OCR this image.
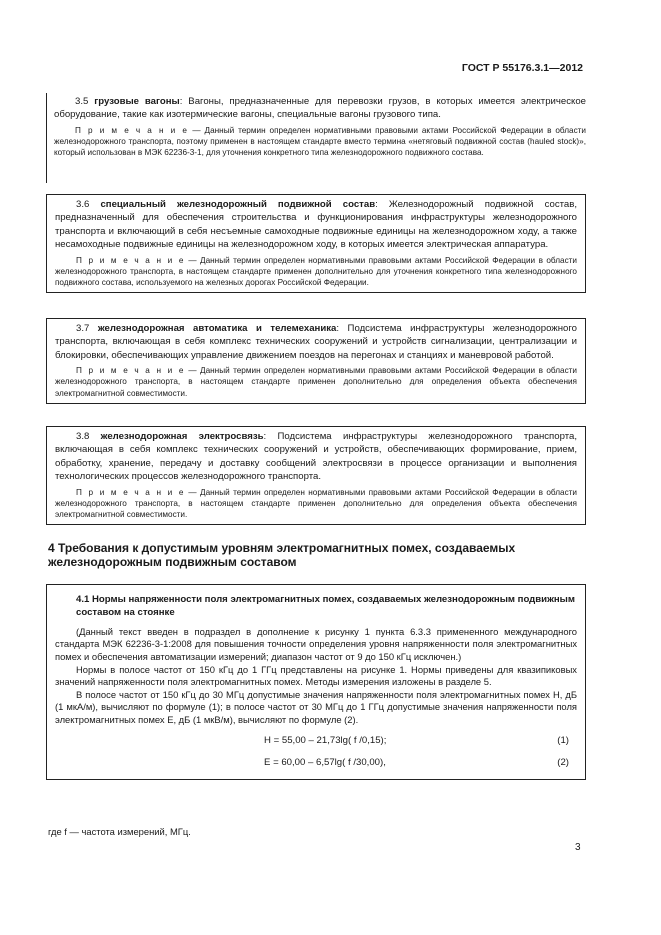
ГОСТ Р 55176.3.1—2012

3.5 грузовые вагоны: Вагоны, предназначенные для перевозки грузов, в которых имеется электрическое оборудование, такие как изотермические вагоны, специальные вагоны грузового типа.

П р и м е ч а н и е — Данный термин определен нормативными правовыми актами Российской Федерации в области железнодорожного транспорта, поэтому применен в настоящем стандарте вместо термина «нетяговый подвижной состав (hauled stock)», который использован в МЭК 62236-3-1, для уточнения конкретного типа железнодорожного подвижного состава.

3.6 специальный железнодорожный подвижной состав: Железнодорожный подвижной состав, предназначенный для обеспечения строительства и функционирования инфраструктуры железнодорожного транспорта и включающий в себя несъемные самоходные подвижные единицы на железнодорожном ходу, а также несамоходные подвижные единицы на железнодорожном ходу, в которых имеется электрическая аппаратура.

П р и м е ч а н и е — Данный термин определен нормативными правовыми актами Российской Федерации в области железнодорожного транспорта, в настоящем стандарте применен дополнительно для уточнения конкретного типа железнодорожного подвижного состава, используемого на железных дорогах Российской Федерации.

3.7 железнодорожная автоматика и телемеханика: Подсистема инфраструктуры железнодорожного транспорта, включающая в себя комплекс технических сооружений и устройств сигнализации, централизации и блокировки, обеспечивающих управление движением поездов на перегонах и станциях и маневровой работой.

П р и м е ч а н и е — Данный термин определен нормативными правовыми актами Российской Федерации в области железнодорожного транспорта, в настоящем стандарте применен дополнительно для определения объекта обеспечения электромагнитной совместимости.

3.8 железнодорожная электросвязь: Подсистема инфраструктуры железнодорожного транспорта, включающая в себя комплекс технических сооружений и устройств, обеспечивающих формирование, прием, обработку, хранение, передачу и доставку сообщений электросвязи в процессе организации и выполнения технологических процессов железнодорожного транспорта.

П р и м е ч а н и е — Данный термин определен нормативными правовыми актами Российской Федерации в области железнодорожного транспорта, в настоящем стандарте применен дополнительно для определения объекта обеспечения электромагнитной совместимости.

4 Требования к допустимым уровням электромагнитных помех, создаваемых железнодорожным подвижным составом
4.1 Нормы напряженности поля электромагнитных помех, создаваемых железнодорожным подвижным составом на стоянке

(Данный текст введен в подраздел в дополнение к рисунку 1 пункта 6.3.3 примененного международного стандарта МЭК 62236-3-1:2008 для повышения точности определения уровня напряженности поля электромагнитных помех и обеспечения автоматизации измерений; диапазон частот от 9 до 150 кГц исключен.)

Нормы в полосе частот от 150 кГц до 1 ГГц представлены на рисунке 1. Нормы приведены для квазипиковых значений напряженности поля электромагнитных помех. Методы измерения изложены в разделе 5.

В полосе частот от 150 кГц до 30 МГц допустимые значения напряженности поля электромагнитных помех H, дБ (1 мкА/м), вычисляют по формуле (1); в полосе частот от 30 МГц до 1 ГГц допустимые значения напряженности поля электромагнитных помех E, дБ (1 мкВ/м), вычисляют по формуле (2).

H = 55,00 – 21,73lg( f /0,15);	(1)
E = 60,00 – 6,57lg( f /30,00),	(2)
где f — частота измерений, МГц.
3
